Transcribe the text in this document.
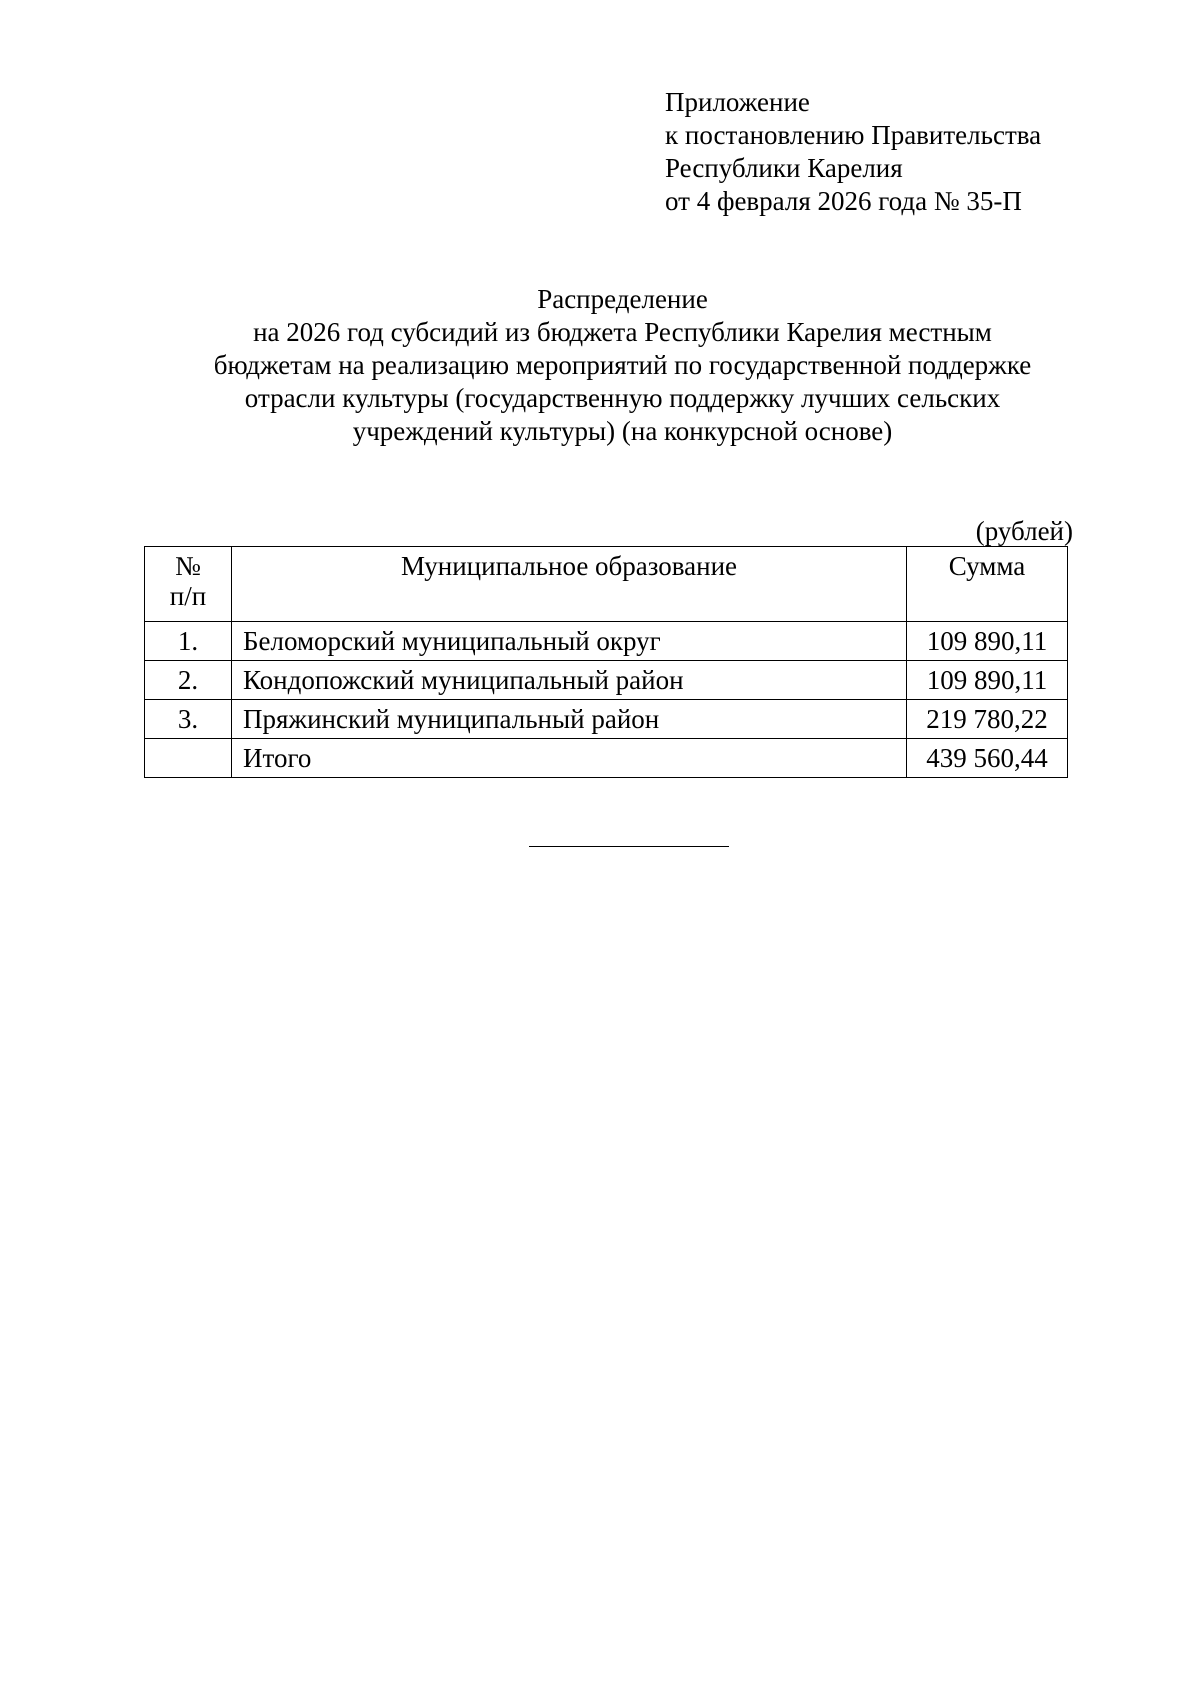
Приложение
к постановлению Правительства
Республики Карелия
от 4 февраля 2026 года № 35-П
Распределение
на 2026 год субсидий из бюджета Республики Карелия местным
бюджетам на реализацию мероприятий по государственной поддержке
отрасли культуры (государственную поддержку лучших сельских
учреждений культуры) (на конкурсной основе)
(рублей)
№
п/п	Муниципальное образование	Сумма
1.	Беломорский муниципальный округ	109 890,11
2.	Кондопожский муниципальный район	109 890,11
3.	Пряжинский муниципальный район	219 780,22
	Итого	439 560,44
